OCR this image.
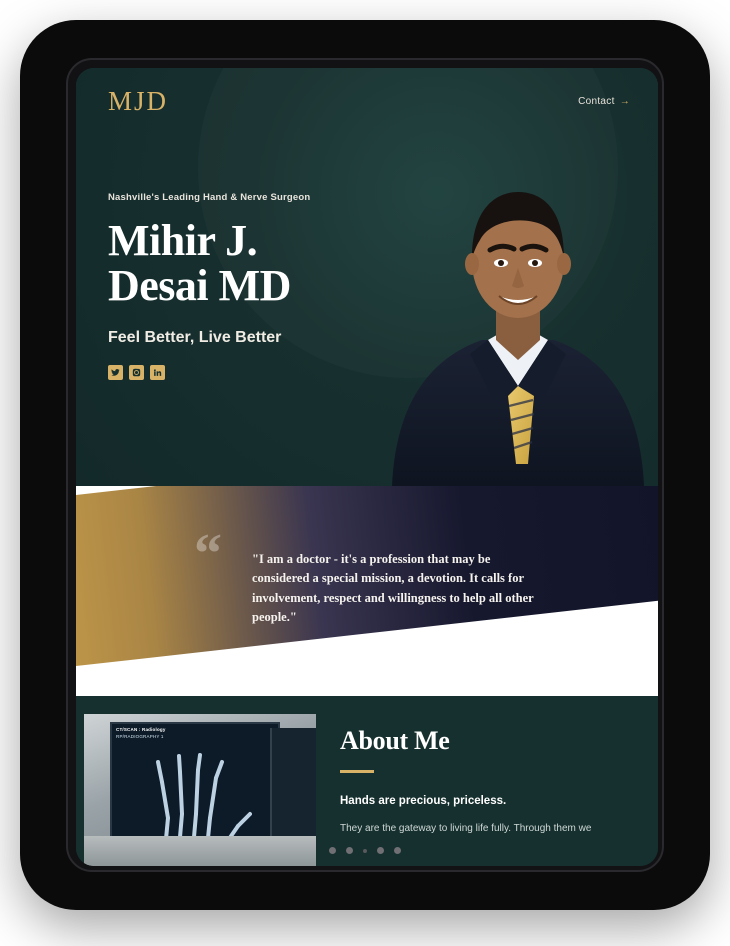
MJD	Contact →
Nashville's Leading Hand & Nerve Surgeon
Mihir J.
Desai MD
Feel Better, Live Better
“ "I am a doctor - it's a profession that may be considered a special mission, a devotion. It calls for involvement, respect and willingness to help all other people."
CT/SCAN : Radiology
RP/RADIOGRAPHY 1	About Me
Hands are precious, priceless.
They are the gateway to living life fully. Through them we
